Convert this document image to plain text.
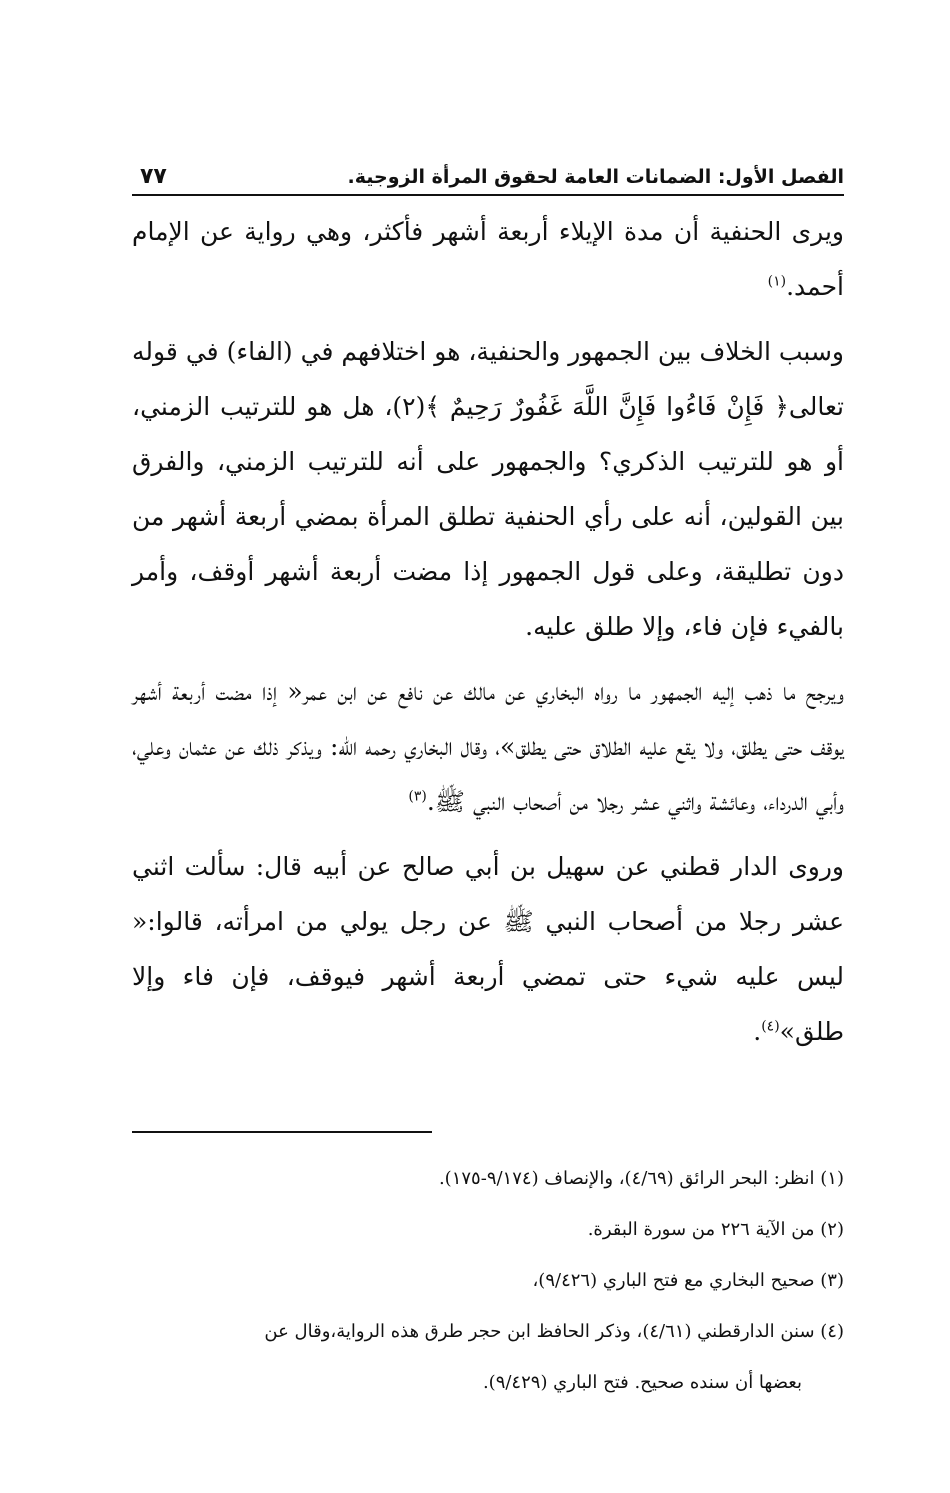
الفصل الأول: الضمانات العامة لحقوق المرأة الزوجية.
٧٧

ويرى الحنفية أن مدة الإيلاء أربعة أشهر فأكثر، وهي رواية عن الإمام أحمد.$^{(١)}$

وسبب الخلاف بين الجمهور والحنفية، هو اختلافهم في (الفاء) في قوله تعالى﴿ فَإِنْ فَاءُوا فَإِنَّ اللَّهَ غَفُورٌ رَحِيمٌ ﴾(٢)، هل هو للترتيب الزمني، أو هو للترتيب الذكري؟ والجمهور على أنه للترتيب الزمني، والفرق بين القولين، أنه على رأي الحنفية تطلق المرأة بمضي أربعة أشهر من دون تطليقة، وعلى قول الجمهور إذا مضت أربعة أشهر أوقف، وأمر بالفيء فإن فاء، وإلا طلق عليه.

ويرجح ما ذهب إليه الجمهور ما رواه البخاري عن مالك عن نافع عن ابن عمر« إذا مضت أربعة أشهر يوقف حتى يطلق، ولا يقع عليه الطلاق حتى يطلق»، وقال البخاري رحمه الله: ويذكر ذلك عن عثمان وعلي، وأبي الدرداء، وعائشة واثني عشر رجلا من أصحاب النبي ﷺ.$^{(٣)}$

وروى الدار قطني عن سهيل بن أبي صالح عن أبيه قال: سألت اثني عشر رجلا من أصحاب النبي ﷺ عن رجل يولي من امرأته، قالوا:« ليس عليه شيء حتى تمضي أربعة أشهر فيوقف، فإن فاء وإلا طلق»$^{(٤)}$.

(١) انظر: البحر الرائق (٤/٦٩)، والإنصاف (٩/١٧٤-١٧٥).

(٢) من الآية ٢٢٦ من سورة البقرة.

(٣) صحيح البخاري مع فتح الباري (٩/٤٢٦)،

(٤) سنن الدارقطني (٤/٦١)، وذكر الحافظ ابن حجر طرق هذه الرواية،وقال عن

بعضها أن سنده صحيح. فتح الباري (٩/٤٢٩).
